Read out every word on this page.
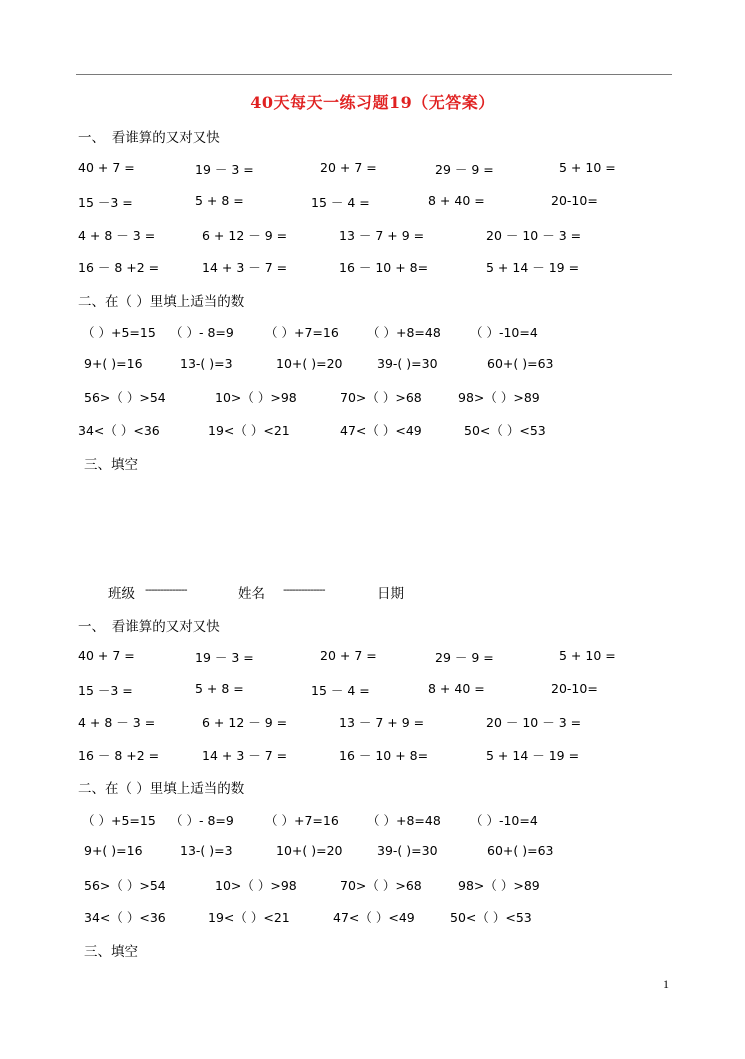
40天每天一练习题19（无答案）
一、　看谁算的又对又快
40 + 7 =	19 － 3 =	20 + 7 =	29 － 9 =	5 + 10 =
15 －3 =	5 + 8 =	15 － 4 =	8 + 40 =	20-10=
4 + 8 － 3 =	6 + 12 － 9 =	13 － 7 + 9 =	20 － 10 － 3 =
16 － 8 +2 =	14 + 3 － 7 =	16 － 10 + 8=	5 + 14 － 19 =
二、在（ ）里填上适当的数
（ ）+5=15 （ ）- 8=9 （ ）+7=16 （ ）+8=48 （ ）-10=4
9+( )=16	13-( )=3	10+( )=20	39-( )=30	60+( )=63
56>（ ）>54	10>（ ）>98	70>（ ）>68	98>（ ）>89
34<（ ）<36	19<（ ）<21	47<（ ）<49	50<（ ）<53
三、填空
班级 --------------	姓名 --------------	日期
一、　看谁算的又对又快
40 + 7 =	19 － 3 =	20 + 7 =	29 － 9 =	5 + 10 =
15 －3 =	5 + 8 =	15 － 4 =	8 + 40 =	20-10=
4 + 8 － 3 =	6 + 12 － 9 =	13 － 7 + 9 =	20 － 10 － 3 =
16 － 8 +2 =	14 + 3 － 7 =	16 － 10 + 8=	5 + 14 － 19 =
二、在（ ）里填上适当的数
（ ）+5=15 （ ）- 8=9 （ ）+7=16 （ ）+8=48 （ ）-10=4
9+( )=16	13-( )=3	10+( )=20	39-( )=30	60+( )=63
56>（ ）>54	10>（ ）>98	70>（ ）>68	98>（ ）>89
34<（ ）<36	19<（ ）<21	47<（ ）<49	50<（ ）<53
三、填空
1
